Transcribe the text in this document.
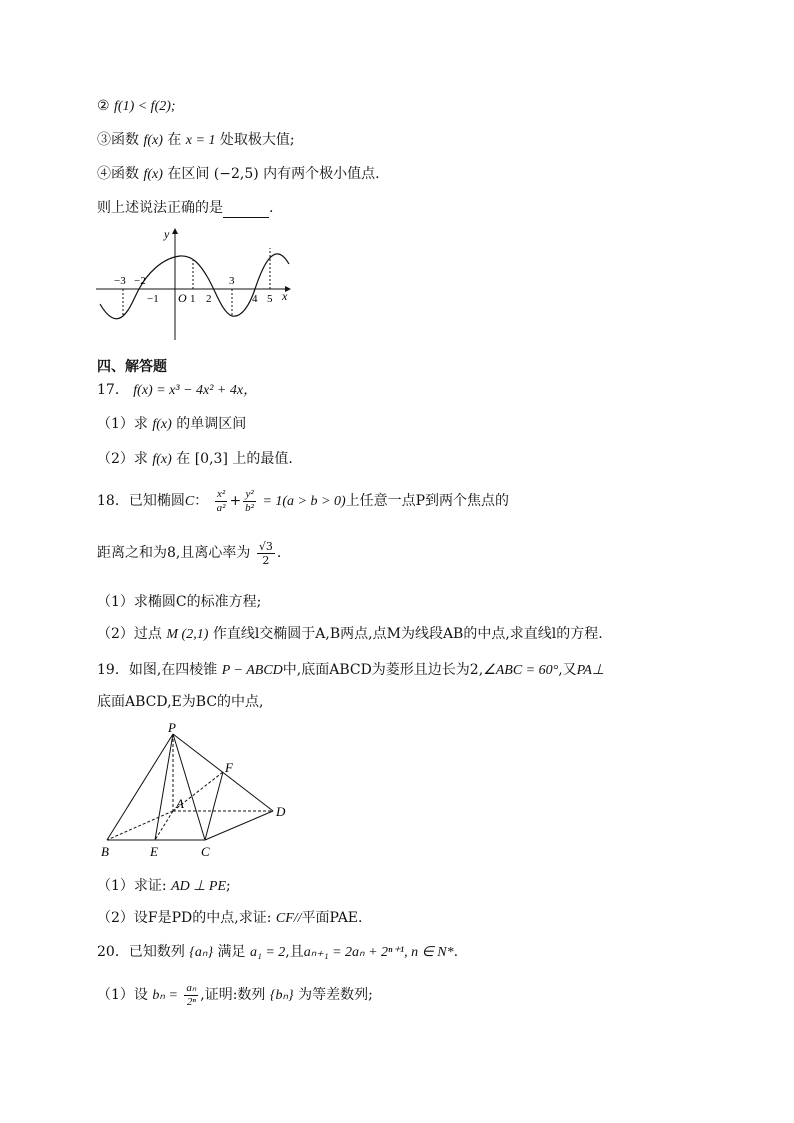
② f(1) < f(2);
③函数 f(x) 在 x = 1 处取极大值;
④函数 f(x) 在区间 (−2,5) 内有两个极小值点.
则上述说法正确的是	.
y
x
O
−3 −2
−1	1 2
3
4 5
四、解答题
17． f(x) = x³ − 4x² + 4x，
（1）求 f(x) 的单调区间
（2）求 f(x) 在 [0,3] 上的最值.
18．已知椭圆C： $\frac{\text{x²}}{\text{a²}} + \frac{\text{y²}}{\text{b²}} = 1(a > b > 0)$上任意一点P到两个焦点的
距离之和为8,且离心率为 $\frac{√3}{2}$ .
（1）求椭圆C的标准方程;
（2）过点 M (2,1) 作直线l交椭圆于A,B两点,点M为线段AB的中点,求直线l的方程.
19．如图,在四棱锥 P − ABCD中,底面ABCD为菱形且边长为2,∠ABC = 60°,又PA⊥
底面ABCD,E为BC的中点,
P
F
A
D
B	E	C
（1）求证: AD ⊥ PE;
（2）设F是PD的中点,求证: CF//平面PAE.
20．已知数列 {aₙ} 满足 a₁ = 2,且aₙ₊₁ = 2aₙ + 2ⁿ⁺¹, n ∈ N*.
（1）设 $b_n = \frac{\text{aₙ}}{\text{2ⁿ}}$ ,证明:数列 {bₙ} 为等差数列;
